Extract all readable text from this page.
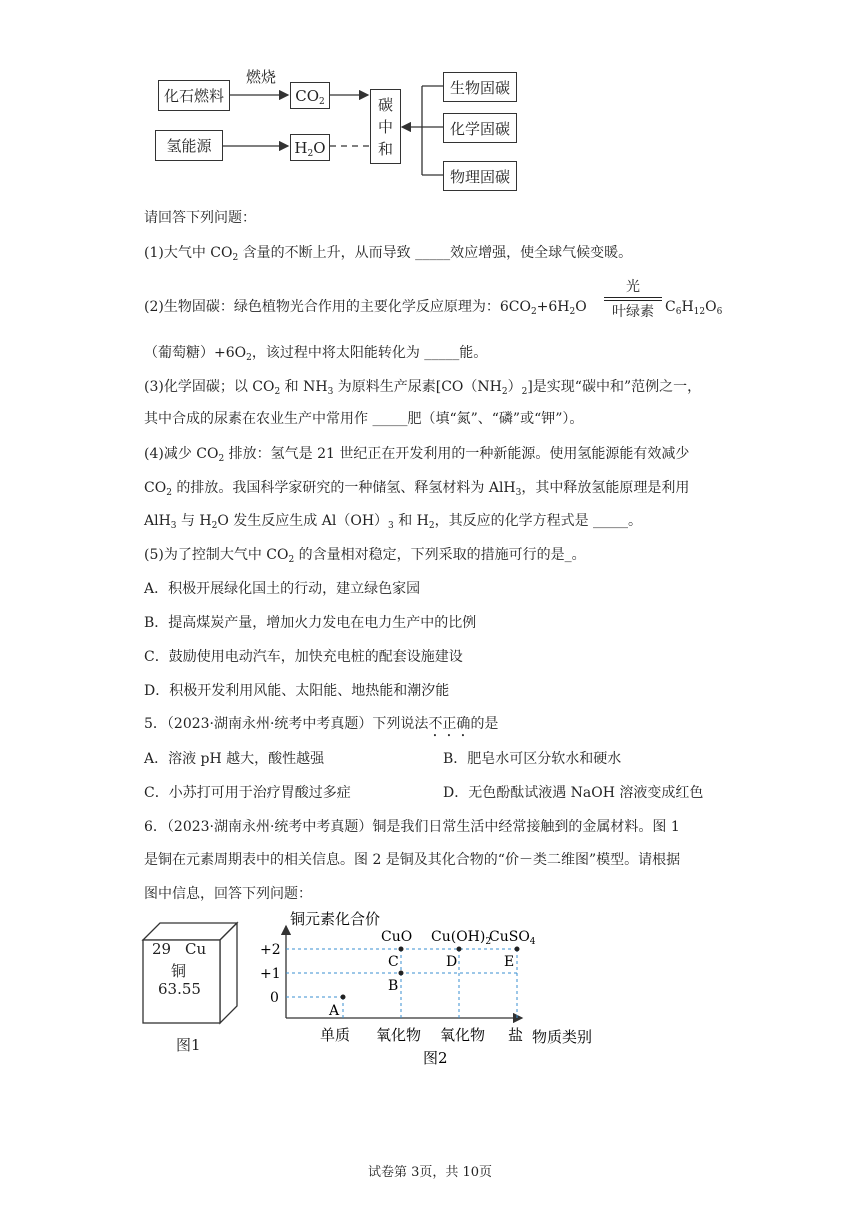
化石燃料
燃烧
$CO_2$
氢能源	$H_2O$
碳
中
和
生物固碳
化学固碳
物理固碳
请回答下列问题：
(1)大气中 $CO_2$ 含量的不断上升，从而导致 _____效应增强，使全球气候变暖。
(2)生物固碳：绿色植物光合作用的主要化学反应原理为：$6CO_2+6H_2O$
光
叶绿素 $C_6H_{12}O_6$
（葡萄糖）$+6O_2$，该过程中将太阳能转化为 _____能。
(3)化学固碳；以 $CO_2$ 和 $NH_3$ 为原料生产尿素$[CO(NH_2)_2]$是实现“碳中和”范例之一，
其中合成的尿素在农业生产中常用作 _____肥（填“氮”、“磷”或“钾”）。
(4)减少 $CO_2$ 排放：氢气是 21 世纪正在开发利用的一种新能源。使用氢能源能有效减少
$CO_2$ 的排放。我国科学家研究的一种储氢、释氢材料为 AlH$_3$，其中释放氢能原理是利用
AlH$_3$ 与 $H_2O$ 发生反应生成 $Al(OH)_3$ 和 $H_2$，其反应的化学方程式是 _____。
(5)为了控制大气中 $CO_2$ 的含量相对稳定，下列采取的措施可行的是_。
A．积极开展绿化国土的行动，建立绿色家园
B．提高煤炭产量，增加火力发电在电力生产中的比例
C．鼓励使用电动汽车，加快充电桩的配套设施建设
D．积极开发利用风能、太阳能、地热能和潮汐能
5．（2023·湖南永州·统考中考真题）下列说法不正确的是
A．溶液 pH 越大，酸性越强	B．肥皂水可区分软水和硬水
C．小苏打可用于治疗胃酸过多症	D．无色酚酞试液遇 NaOH 溶液变成红色
6．（2023·湖南永州·统考中考真题）铜是我们日常生活中经常接触到的金属材料。图 1
是铜在元素周期表中的相关信息。图 2 是铜及其化合物的“价－类二维图”模型。请根据
图中信息，回答下列问题：
29 Cu
铜
63.55
图1
铜元素化合价
物质类别
+2
+1
0
单质 氧化物 氧化物 盐
图2
A
B
C
CuO
D
$Cu(OH)_2$
E
CuSO$_4$
试卷第 3页，共 10页
